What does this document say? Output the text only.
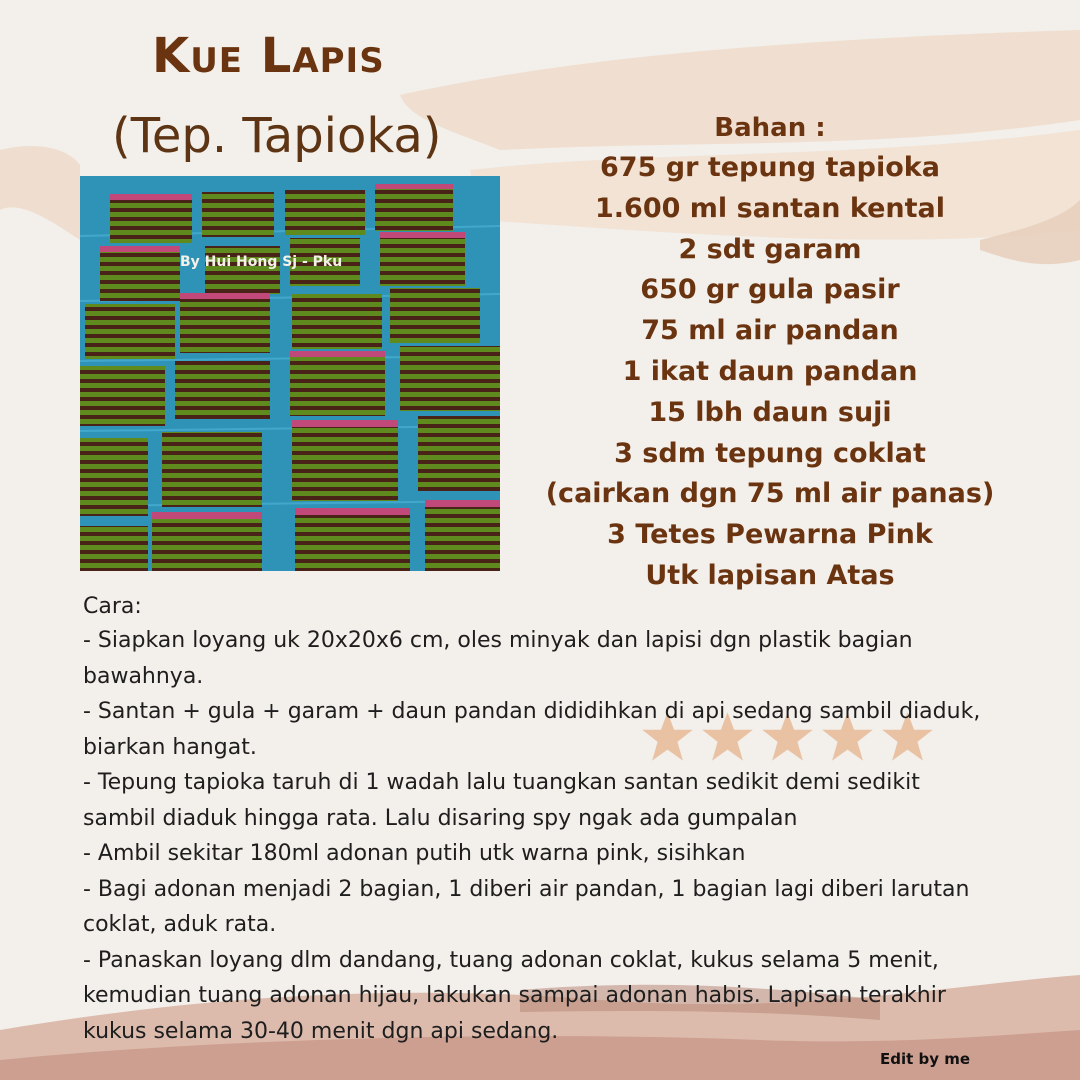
Kue Lapis
(Tep. Tapioka)
By Hui Hong Sj - Pku
Bahan :
675 gr tepung tapioka
1.600 ml santan kental
2 sdt garam
650 gr gula pasir
75 ml air pandan
1 ikat daun pandan
15 lbh daun suji
3 sdm tepung coklat
(cairkan dgn 75 ml air panas)
3 Tetes Pewarna Pink
Utk lapisan Atas
Cara:

- Siapkan loyang uk 20x20x6 cm, oles minyak dan lapisi dgn plastik bagian bawahnya.

- Santan + gula + garam + daun pandan dididihkan di api sedang sambil diaduk, biarkan hangat.

- Tepung tapioka taruh di 1 wadah lalu tuangkan santan sedikit demi sedikit sambil diaduk hingga rata. Lalu disaring spy ngak ada gumpalan

- Ambil sekitar 180ml adonan putih utk warna pink, sisihkan

- Bagi adonan menjadi 2 bagian, 1 diberi air pandan, 1 bagian lagi diberi larutan coklat, aduk rata.

- Panaskan loyang dlm dandang, tuang adonan coklat, kukus selama 5 menit, kemudian tuang adonan hijau, lakukan sampai adonan habis. Lapisan terakhir kukus selama 30-40 menit dgn api sedang.

Edit by me
